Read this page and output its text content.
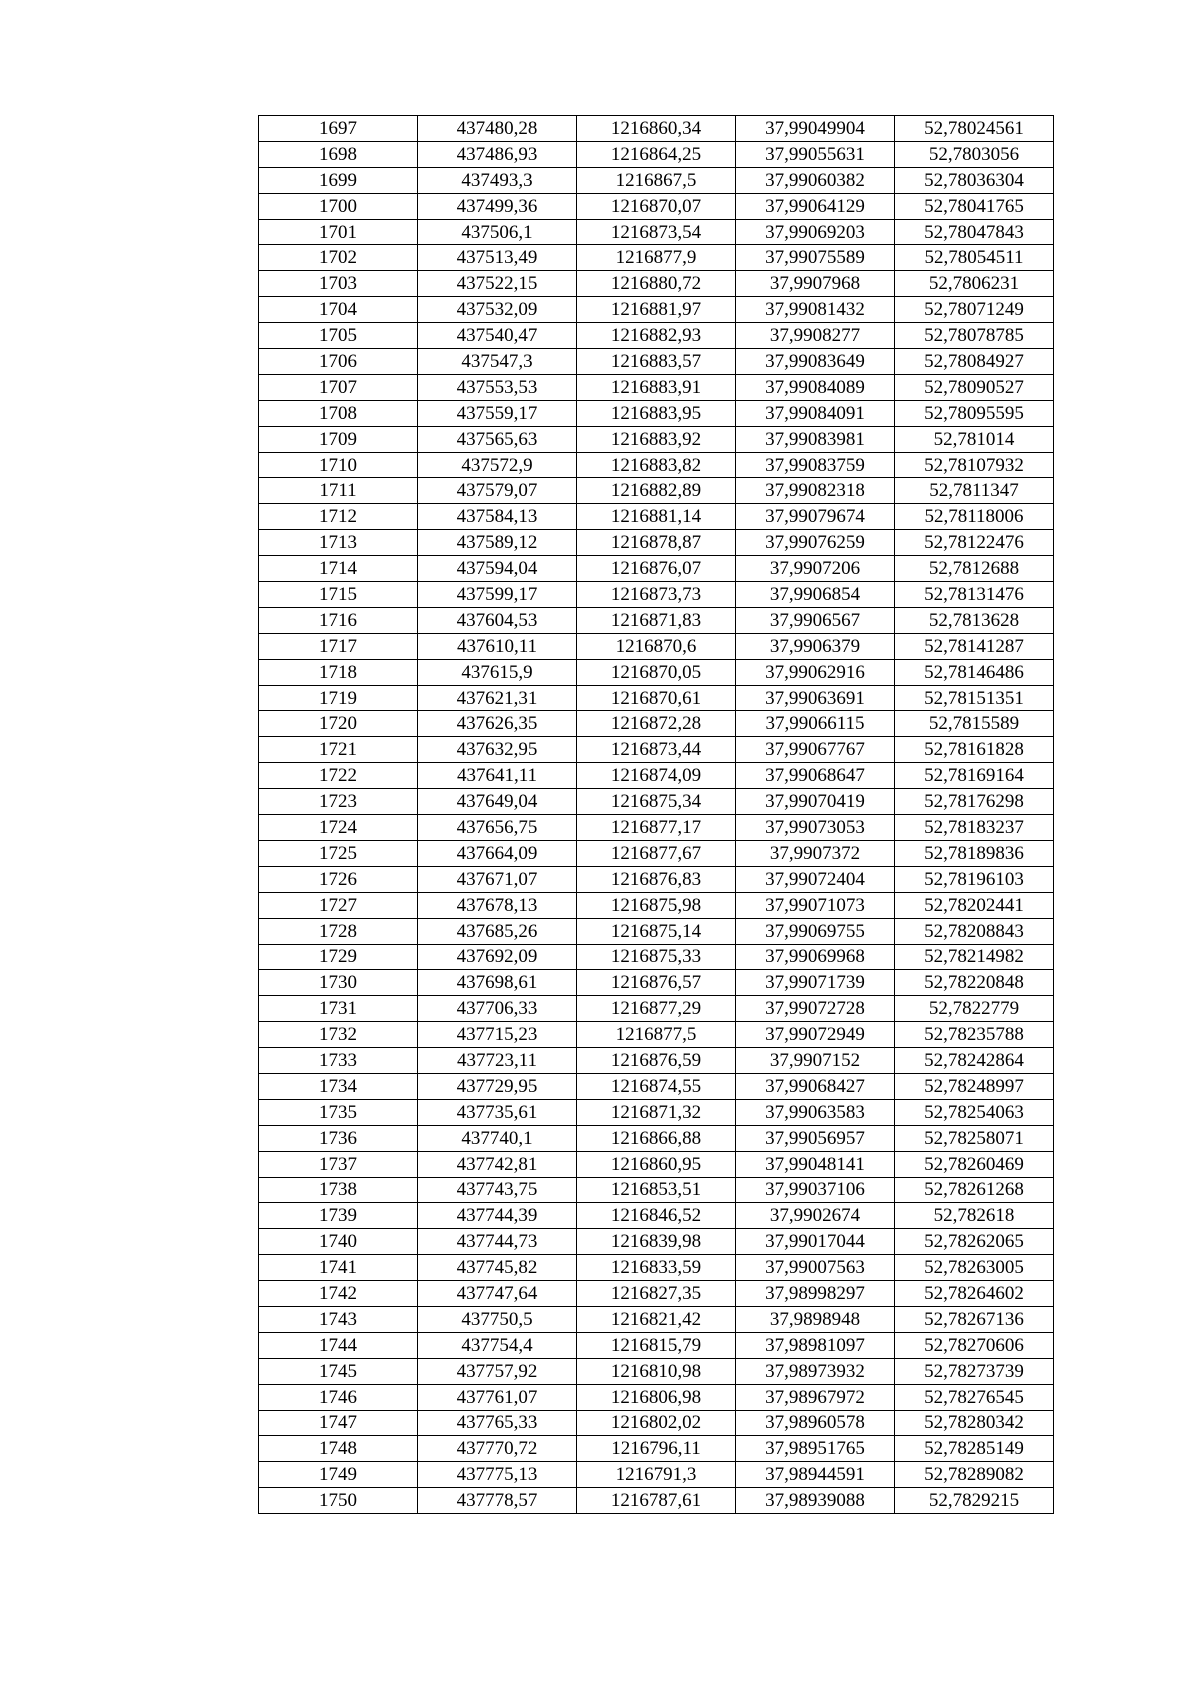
1697	437480,28	1216860,34	37,99049904	52,78024561
1698	437486,93	1216864,25	37,99055631	52,7803056
1699	437493,3	1216867,5	37,99060382	52,78036304
1700	437499,36	1216870,07	37,99064129	52,78041765
1701	437506,1	1216873,54	37,99069203	52,78047843
1702	437513,49	1216877,9	37,99075589	52,78054511
1703	437522,15	1216880,72	37,9907968	52,7806231
1704	437532,09	1216881,97	37,99081432	52,78071249
1705	437540,47	1216882,93	37,9908277	52,78078785
1706	437547,3	1216883,57	37,99083649	52,78084927
1707	437553,53	1216883,91	37,99084089	52,78090527
1708	437559,17	1216883,95	37,99084091	52,78095595
1709	437565,63	1216883,92	37,99083981	52,781014
1710	437572,9	1216883,82	37,99083759	52,78107932
1711	437579,07	1216882,89	37,99082318	52,7811347
1712	437584,13	1216881,14	37,99079674	52,78118006
1713	437589,12	1216878,87	37,99076259	52,78122476
1714	437594,04	1216876,07	37,9907206	52,7812688
1715	437599,17	1216873,73	37,9906854	52,78131476
1716	437604,53	1216871,83	37,9906567	52,7813628
1717	437610,11	1216870,6	37,9906379	52,78141287
1718	437615,9	1216870,05	37,99062916	52,78146486
1719	437621,31	1216870,61	37,99063691	52,78151351
1720	437626,35	1216872,28	37,99066115	52,7815589
1721	437632,95	1216873,44	37,99067767	52,78161828
1722	437641,11	1216874,09	37,99068647	52,78169164
1723	437649,04	1216875,34	37,99070419	52,78176298
1724	437656,75	1216877,17	37,99073053	52,78183237
1725	437664,09	1216877,67	37,9907372	52,78189836
1726	437671,07	1216876,83	37,99072404	52,78196103
1727	437678,13	1216875,98	37,99071073	52,78202441
1728	437685,26	1216875,14	37,99069755	52,78208843
1729	437692,09	1216875,33	37,99069968	52,78214982
1730	437698,61	1216876,57	37,99071739	52,78220848
1731	437706,33	1216877,29	37,99072728	52,7822779
1732	437715,23	1216877,5	37,99072949	52,78235788
1733	437723,11	1216876,59	37,9907152	52,78242864
1734	437729,95	1216874,55	37,99068427	52,78248997
1735	437735,61	1216871,32	37,99063583	52,78254063
1736	437740,1	1216866,88	37,99056957	52,78258071
1737	437742,81	1216860,95	37,99048141	52,78260469
1738	437743,75	1216853,51	37,99037106	52,78261268
1739	437744,39	1216846,52	37,9902674	52,782618
1740	437744,73	1216839,98	37,99017044	52,78262065
1741	437745,82	1216833,59	37,99007563	52,78263005
1742	437747,64	1216827,35	37,98998297	52,78264602
1743	437750,5	1216821,42	37,9898948	52,78267136
1744	437754,4	1216815,79	37,98981097	52,78270606
1745	437757,92	1216810,98	37,98973932	52,78273739
1746	437761,07	1216806,98	37,98967972	52,78276545
1747	437765,33	1216802,02	37,98960578	52,78280342
1748	437770,72	1216796,11	37,98951765	52,78285149
1749	437775,13	1216791,3	37,98944591	52,78289082
1750	437778,57	1216787,61	37,98939088	52,7829215
